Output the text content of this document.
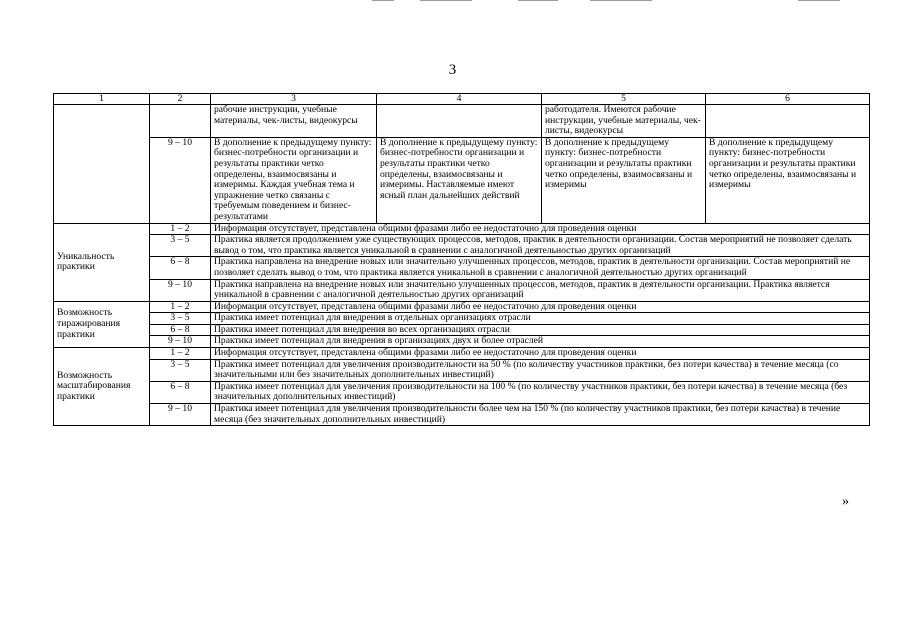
3
1	2	3	4	5	6
		рабочие инструкции, учебные материалы, чек-листы, видеокурсы		работодателя. Имеются рабочие инструкции, учебные материалы, чек-листы, видеокурсы	
	9 – 10	В дополнение к предыдущему пункту: бизнес-потребности организации и результаты практики четко определены, взаимосвязаны и измеримы. Каждая учебная тема и упражнение четко связаны с требуемым поведением и бизнес-результатами	В дополнение к предыдущему пункту: бизнес-потребности организации и результаты практики четко определены, взаимосвязаны и измеримы. Наставляемые имеют ясный план дальнейших действий	В дополнение к предыдущему пункту: бизнес-потребности организации и результаты практики четко определены, взаимосвязаны и измеримы	В дополнение к предыдущему пункту: бизнес-потребности организации и результаты практики четко определены, взаимосвязаны и измеримы
Уникальность практики	1 – 2	Информация отсутствует, представлена общими фразами либо ее недостаточно для проведения оценки			
	3 – 5	Практика является продолжением уже существующих процессов, методов, практик в деятельности организации. Состав мероприятий не позволяет сделать вывод о том, что практика является уникальной в сравнении с аналогичной деятельностью других организаций			
	6 – 8	Практика направлена на внедрение новых или значительно улучшенных процессов, методов, практик в деятельности организации. Состав мероприятий не позволяет сделать вывод о том, что практика является уникальной в сравнении с аналогичной деятельностью других организаций			
	9 – 10	Практика направлена на внедрение новых или значительно улучшенных процессов, методов, практик в деятельности организации. Практика является уникальной в сравнении с аналогичной деятельностью других организаций			
Возможность тиражирования практики	1 – 2	Информация отсутствует, представлена общими фразами либо ее недостаточно для проведения оценки			
	3 – 5	Практика имеет потенциал для внедрения в отдельных организациях отрасли			
	6 – 8	Практика имеет потенциал для внедрения во всех организациях отрасли			
	9 – 10	Практика имеет потенциал для внедрения в организациях двух и более отраслей			
Возможность масштабирования практики	1 – 2	Информация отсутствует, представлена общими фразами либо ее недостаточно для проведения оценки			
	3 – 5	Практика имеет потенциал для увеличения производительности на 50 % (по количеству участников практики, без потери качества) в течение месяца (со значительными или без значительных дополнительных инвестиций)			
	6 – 8	Практика имеет потенциал для увеличения производительности на 100 % (по количеству участников практики, без потери качества) в течение месяца (без значительных дополнительных инвестиций)			
	9 – 10	Практика имеет потенциал для увеличения производительности более чем на 150 % (по количеству участников практики, без потери качаства) в течение месяца (без значительных дополнительных инвестиций)			
»
